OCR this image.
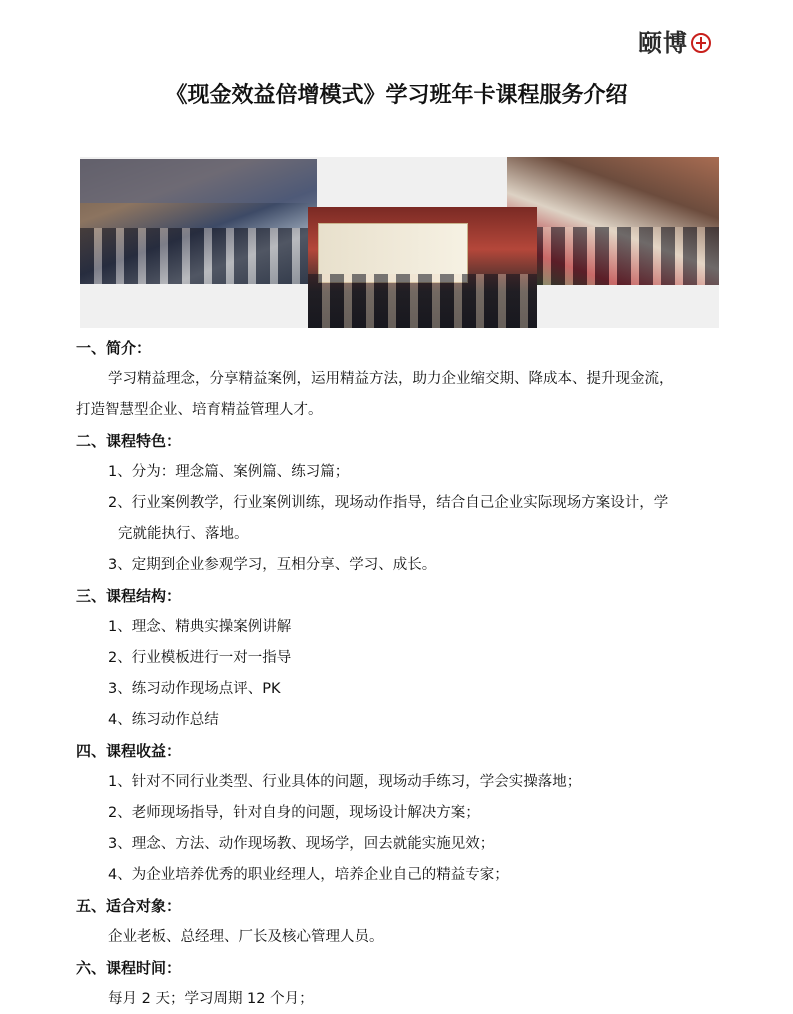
颐博
《现金效益倍增模式》学习班年卡课程服务介绍
一、简介：
学习精益理念，分享精益案例，运用精益方法，助力企业缩交期、降成本、提升现金流，
打造智慧型企业、培育精益管理人才。
二、课程特色：
1、分为：理念篇、案例篇、练习篇；
2、行业案例教学，行业案例训练，现场动作指导，结合自己企业实际现场方案设计，学
完就能执行、落地。
3、定期到企业参观学习，互相分享、学习、成长。
三、课程结构：
1、理念、精典实操案例讲解
2、行业模板进行一对一指导
3、练习动作现场点评、PK
4、练习动作总结
四、课程收益：
1、针对不同行业类型、行业具体的问题，现场动手练习，学会实操落地；
2、老师现场指导，针对自身的问题，现场设计解决方案；
3、理念、方法、动作现场教、现场学，回去就能实施见效；
4、为企业培养优秀的职业经理人，培养企业自己的精益专家；
五、适合对象：
企业老板、总经理、厂长及核心管理人员。
六、课程时间：
每月 2 天；学习周期 12 个月；
